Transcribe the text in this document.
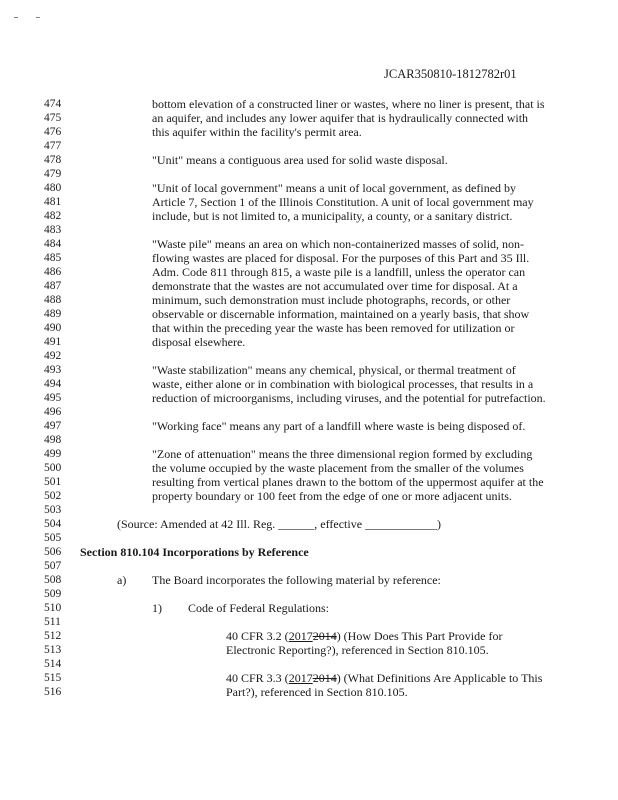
JCAR350810-1812782r01
474
475
476
477
478
479
480
481
482
483
484
485
486
487
488
489
490
491
492
493
494
495
496
497
498
499
500
501
502
503
504
505
506
507
508
509
510
511
512
513
514
515
516
bottom elevation of a constructed liner or wastes, where no liner is present, that is
an aquifer, and includes any lower aquifer that is hydraulically connected with
this aquifer within the facility's permit area.
"Unit" means a contiguous area used for solid waste disposal.
"Unit of local government" means a unit of local government, as defined by
Article 7, Section 1 of the Illinois Constitution. A unit of local government may
include, but is not limited to, a municipality, a county, or a sanitary district.
"Waste pile" means an area on which non-containerized masses of solid, non-
flowing wastes are placed for disposal. For the purposes of this Part and 35 Ill.
Adm. Code 811 through 815, a waste pile is a landfill, unless the operator can
demonstrate that the wastes are not accumulated over time for disposal. At a
minimum, such demonstration must include photographs, records, or other
observable or discernable information, maintained on a yearly basis, that show
that within the preceding year the waste has been removed for utilization or
disposal elsewhere.
"Waste stabilization" means any chemical, physical, or thermal treatment of
waste, either alone or in combination with biological processes, that results in a
reduction of microorganisms, including viruses, and the potential for putrefaction.
"Working face" means any part of a landfill where waste is being disposed of.
"Zone of attenuation" means the three dimensional region formed by excluding
the volume occupied by the waste placement from the smaller of the volumes
resulting from vertical planes drawn to the bottom of the uppermost aquifer at the
property boundary or 100 feet from the edge of one or more adjacent units.
(Source: Amended at 42 Ill. Reg. ______, effective ____________)
Section 810.104 Incorporations by Reference
a) The Board incorporates the following material by reference:
1) Code of Federal Regulations:
40 CFR 3.2 (20172014) (How Does This Part Provide for
Electronic Reporting?), referenced in Section 810.105.
40 CFR 3.3 (20172014) (What Definitions Are Applicable to This
Part?), referenced in Section 810.105.
